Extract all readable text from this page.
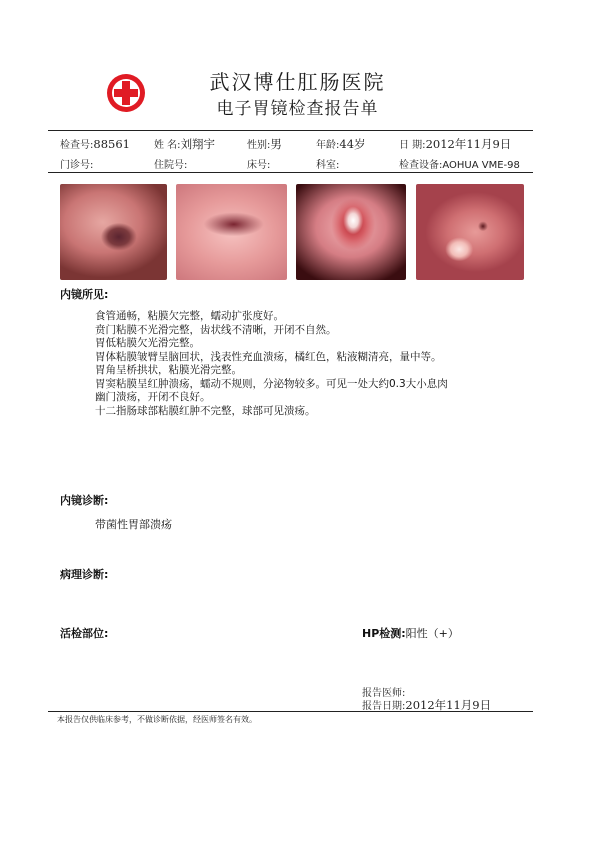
武汉博仕肛肠医院
电子胃镜检查报告单
检查号:88561 姓 名:刘翔宇	性别:男	年龄:44岁	日 期:2012年11月9日
门诊号:	住院号:	床号:	科室:	检查设备:AOHUA VME-98
内镜所见:
食管通畅，粘膜欠完整，蠕动扩张度好。
贲门粘膜不光滑完整，齿状线不清晰，开闭不自然。
胃低粘膜欠光滑完整。
胃体粘膜皱臂呈脑回状，浅表性充血溃疡，橘红色，粘液糊清亮，量中等。
胃角呈桥拱状，粘膜光滑完整。
胃窦粘膜呈红肿溃疡，蠕动不规则，分泌物较多。可见一处大约0.3大小息肉
幽门溃疡，开闭不良好。
十二指肠球部粘膜红肿不完整，球部可见溃疡。
内镜诊断:
带菌性胃部溃疡
病理诊断:
活检部位:	HP检测:阳性（+）
报告医师:
报告日期:2012年11月9日
本报告仅供临床参考，不做诊断依据，经医师签名有效。
